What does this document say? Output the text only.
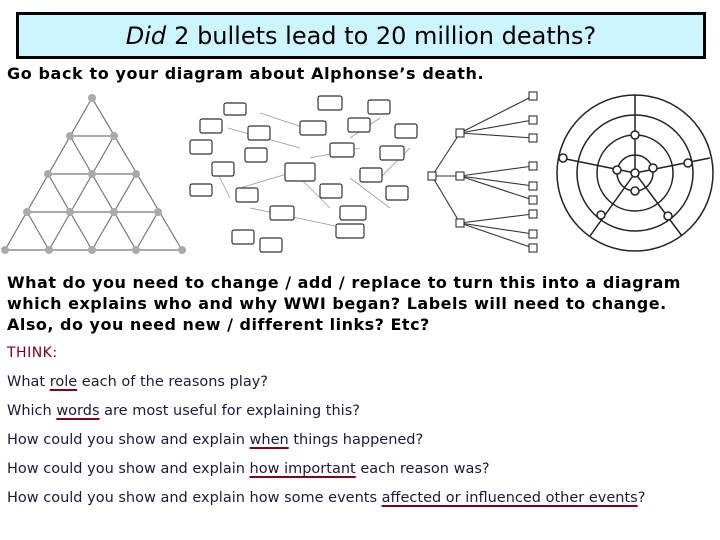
Did 2 bullets lead to 20 million deaths?
Go back to your diagram about Alphonse’s death.
What do you need to change / add / replace to turn this into a diagram which explains who and why WWI began? Labels will need to change. Also, do you need new / different links? Etc?
THINK:
What role each of the reasons play?
Which words are most useful for explaining this?
How could you show and explain when things happened?
How could you show and explain how important each reason was?
How could you show and explain how some events affected or influenced other events?
